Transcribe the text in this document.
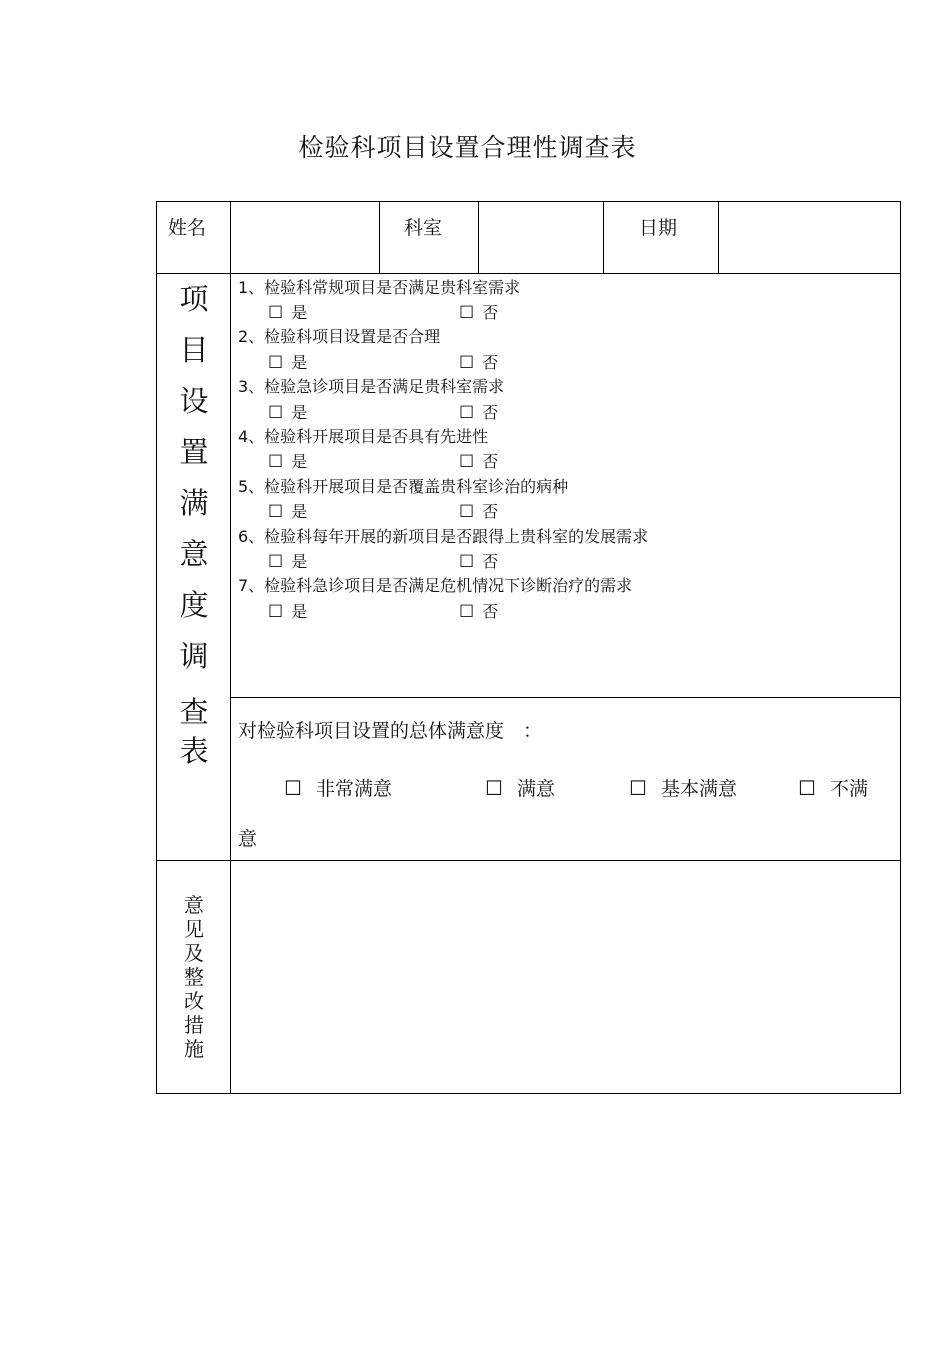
检验科项目设置合理性调查表
姓名	科室	日期
项
目
设
置
满
意
度
调
查
表
1、检验科常规项目是否满足贵科室需求
☐ 是	☐ 否
2、检验科项目设置是否合理
☐ 是	☐ 否
3、检验急诊项目是否满足贵科室需求
☐ 是	☐ 否
4、检验科开展项目是否具有先进性
☐ 是	☐ 否
5、检验科开展项目是否覆盖贵科室诊治的病种
☐ 是	☐ 否
6、检验科每年开展的新项目是否跟得上贵科室的发展需求
☐ 是	☐ 否
7、检验科急诊项目是否满足危机情况下诊断治疗的需求
☐ 是	☐ 否
对检验科项目设置的总体满意度　：
☐ 非常满意	☐ 满意	☐ 基本满意	☐ 不满
意
意
见
及
整
改
措
施
